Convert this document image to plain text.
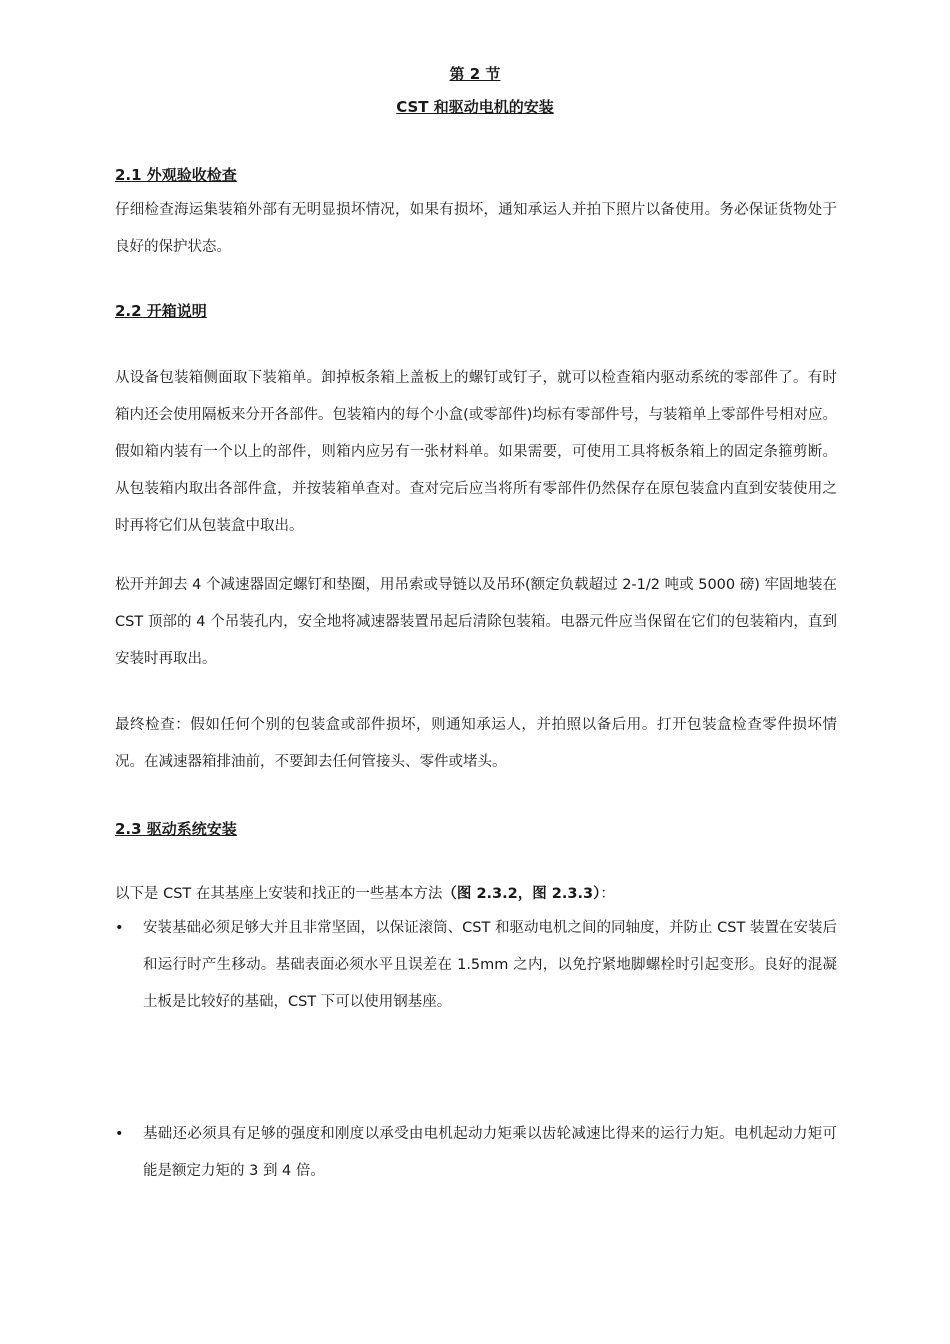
第 2 节
CST 和驱动电机的安装
2.1 外观验收检查

仔细检查海运集装箱外部有无明显损坏情况，如果有损坏，通知承运人并拍下照片以备使用。务必保证货物处于良好的保护状态。

2.2 开箱说明

从设备包装箱侧面取下装箱单。卸掉板条箱上盖板上的螺钉或钉子，就可以检查箱内驱动系统的零部件了。有时箱内还会使用隔板来分开各部件。包装箱内的每个小盒(或零部件)均标有零部件号，与装箱单上零部件号相对应。假如箱内装有一个以上的部件，则箱内应另有一张材料单。如果需要，可使用工具将板条箱上的固定条箍剪断。从包装箱内取出各部件盒，并按装箱单查对。查对完后应当将所有零部件仍然保存在原包装盒内直到安装使用之时再将它们从包装盒中取出。

松开并卸去 4 个减速器固定螺钉和垫圈，用吊索或导链以及吊环(额定负载超过 2-1/2 吨或 5000 磅) 牢固地装在 CST 顶部的 4 个吊装孔内，安全地将减速器装置吊起后清除包装箱。电器元件应当保留在它们的包装箱内，直到安装时再取出。

最终检查：假如任何个别的包装盒或部件损坏，则通知承运人，并拍照以备后用。打开包装盒检查零件损坏情况。在减速器箱排油前，不要卸去任何管接头、零件或堵头。

2.3 驱动系统安装

以下是 CST 在其基座上安装和找正的一些基本方法（图 2.3.2，图 2.3.3）：

• 安装基础必须足够大并且非常坚固，以保证滚筒、CST 和驱动电机之间的同轴度，并防止 CST 装置在安装后和运行时产生移动。基础表面必须水平且误差在 1.5mm 之内，以免拧紧地脚螺栓时引起变形。良好的混凝土板是比较好的基础，CST 下可以使用钢基座。

• 基础还必须具有足够的强度和刚度以承受由电机起动力矩乘以齿轮减速比得来的运行力矩。电机起动力矩可能是额定力矩的 3 到 4 倍。
